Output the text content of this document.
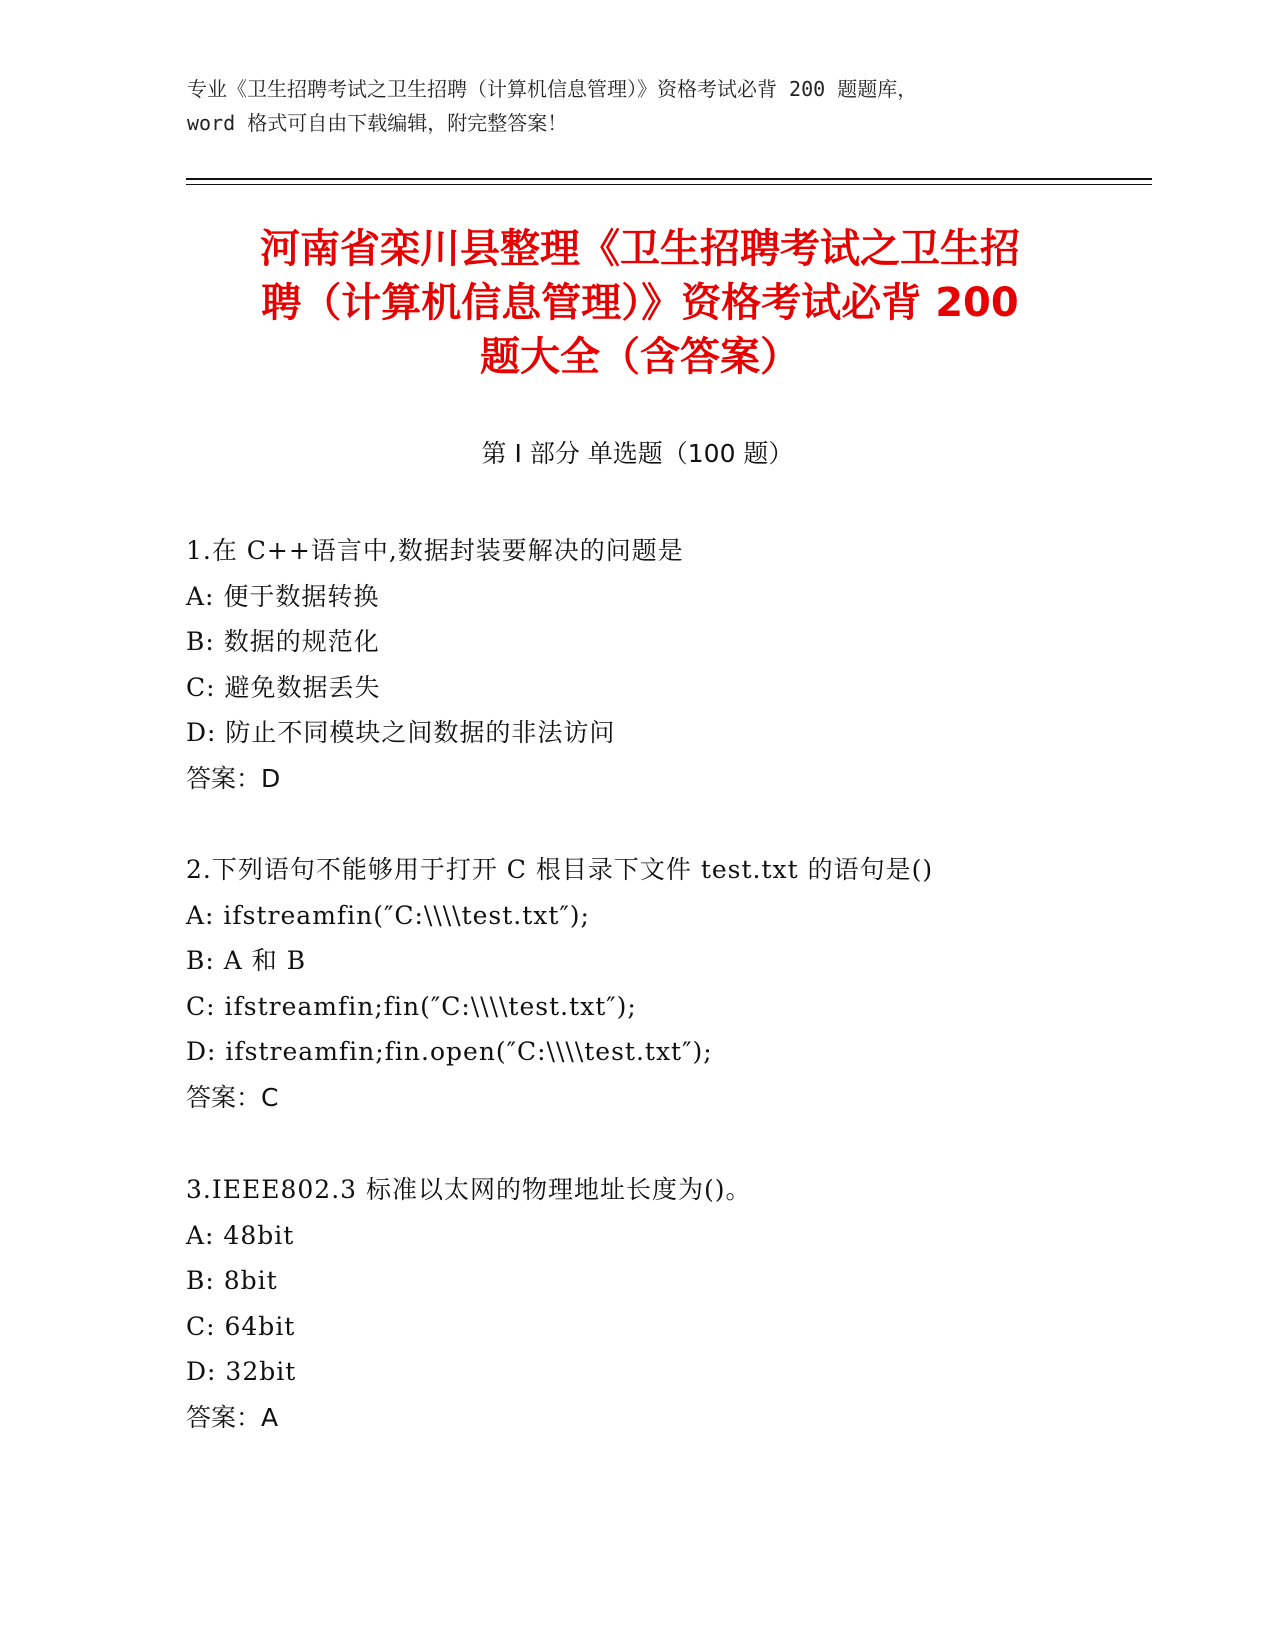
专业《卫生招聘考试之卫生招聘（计算机信息管理）》资格考试必背 200 题题库，
word 格式可自由下载编辑，附完整答案！
河南省栾川县整理《卫生招聘考试之卫生招
聘（计算机信息管理）》资格考试必背 200
题大全（含答案）
第 I 部分 单选题（100 题）
1.在 C++语言中,数据封装要解决的问题是
A: 便于数据转换
B: 数据的规范化
C: 避免数据丢失
D: 防止不同模块之间数据的非法访问
答案：D
2.下列语句不能够用于打开 C 根目录下文件 test.txt 的语句是()
A: ifstreamfin(″C:\\\\test.txt″);
B: A 和 B
C: ifstreamfin;fin(″C:\\\\test.txt″);
D: ifstreamfin;fin.open(″C:\\\\test.txt″);
答案：C
3.IEEE802.3 标准以太网的物理地址长度为()。
A: 48bit
B: 8bit
C: 64bit
D: 32bit
答案：A
